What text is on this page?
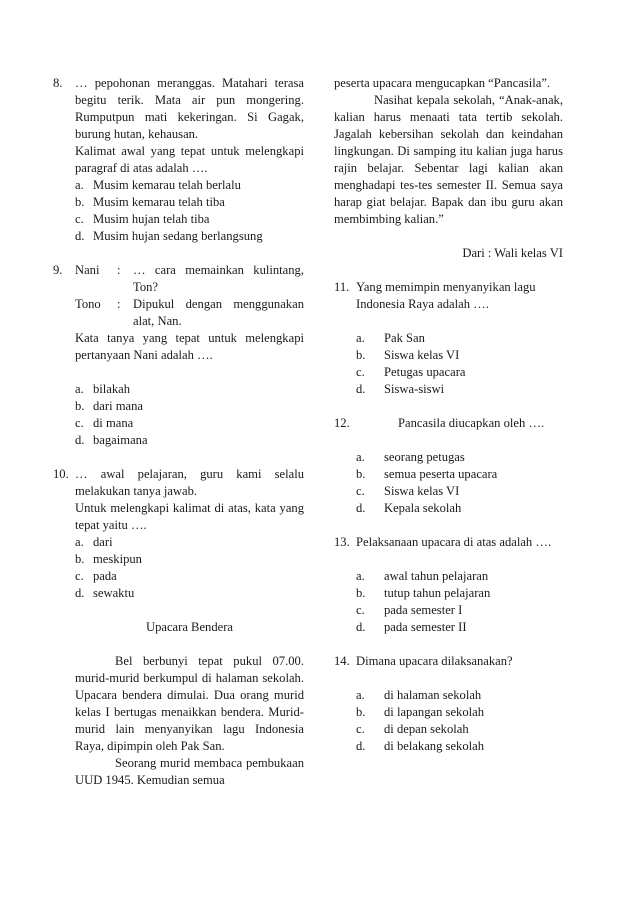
8. … pepohonan meranggas. Matahari terasa begitu terik. Mata air pun mongering. Rumputpun mati kekeringan. Si Gagak, burung hutan, kehausan.

Kalimat awal yang tepat untuk melengkapi paragraf di atas adalah ….

a. Musim kemarau telah berlalu
b. Musim kemarau telah tiba
c. Musim hujan telah tiba
d. Musim hujan sedang berlangsung
9. Nani	: … cara memainkan kulintang, Ton?
Tono	: Dipukul dengan menggunakan alat, Nan.

Kata tanya yang tepat untuk melengkapi pertanyaan Nani adalah ….

a. bilakah
b. dari mana
c. di mana
d. bagaimana
10. … awal pelajaran, guru kami selalu melakukan tanya jawab.

Untuk melengkapi kalimat di atas, kata yang tepat yaitu ….

a. dari
b. meskipun
c. pada
d. sewaktu
Upacara Bendera

Bel berbunyi tepat pukul 07.00. murid-murid berkumpul di halaman sekolah. Upacara bendera dimulai. Dua orang murid kelas I bertugas menaikkan bendera. Murid-murid lain menyanyikan lagu Indonesia Raya, dipimpin oleh Pak San.

Seorang murid membaca pembukaan UUD 1945. Kemudian semua

peserta upacara mengucapkan “Pancasila”.

Nasihat kepala sekolah, “Anak-anak, kalian harus menaati tata tertib sekolah. Jagalah kebersihan sekolah dan keindahan lingkungan. Di samping itu kalian juga harus rajin belajar. Sebentar lagi kalian akan menghadapi tes-tes semester II. Semua saya harap giat belajar. Bapak dan ibu guru akan membimbing kalian.”

Dari : Wali kelas VI
11. Yang memimpin menyanyikan lagu Indonesia Raya adalah ….

a.	Pak San
b.	Siswa kelas VI
c.	Petugas upacara
d.	Siswa-siswi
12.	Pancasila diucapkan oleh ….

a.	seorang petugas
b.	semua peserta upacara
c.	Siswa kelas VI
d.	Kepala sekolah
13. Pelaksanaan upacara di atas adalah ….

a.	awal tahun pelajaran
b.	tutup tahun pelajaran
c.	pada semester I
d.	pada semester II
14. Dimana upacara dilaksanakan?

a.	di halaman sekolah
b.	di lapangan sekolah
c.	di depan sekolah
d.	di belakang sekolah
